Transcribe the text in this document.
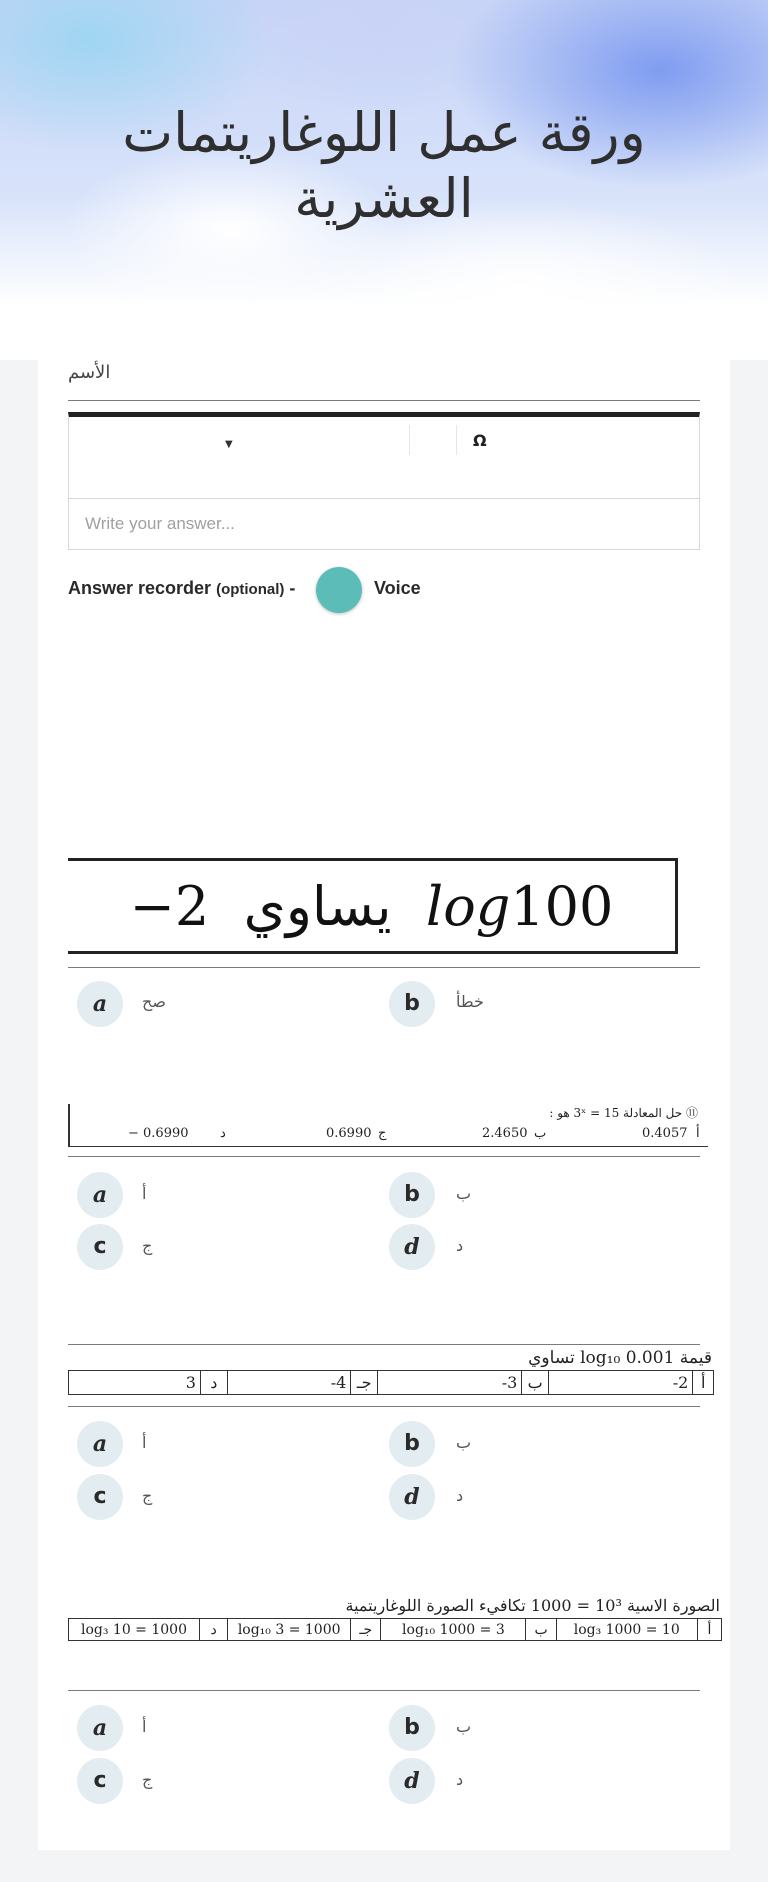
ورقة عمل اللوغاريتمات العشرية
الأسم
▼	Ω
Write your answer...
Answer recorder (optional) -	Voice
−2 يساوي log100
a	صح	b	خطأ
⑪ حل المعادلة 3ˣ = 15 هو :
− 0.6990 د	0.6990 ج	2.4650 ب	0.4057 أ
a	أ	b	ب
c	ج	d	د
قيمة log₁₀ 0.001 تساوي
3	د	-4	جـ	-3	ب	-2	أ
a	أ	b	ب
c	ج	d	د
الصورة الاسية 10³ = 1000 تكافيء الصورة اللوغاريتمية
log₃ 10 = 1000	د	log₁₀ 3 = 1000	جـ	log₁₀ 1000 = 3	ب	log₃ 1000 = 10	أ
a	أ	b	ب
c	ج	d	د
